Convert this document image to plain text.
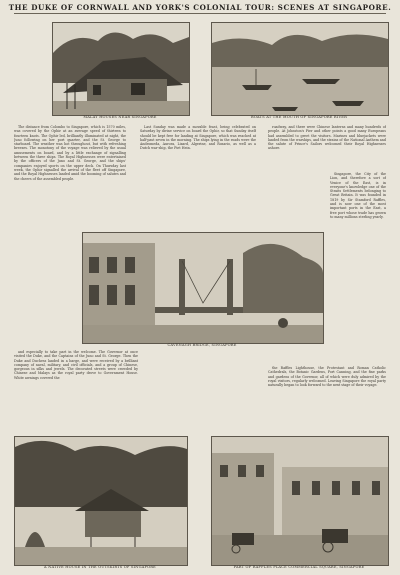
THE DUKE OF CORNWALL AND YORK'S COLONIAL TOUR: SCENES AT SINGAPORE.
MALAY HOUSES NEAR SINGAPORE	BOATS AT THE MOUTH OF SINGAPORE RIVER

The distance from Colombo to Singapore, which is 1570 miles, was covered by the Ophir at an average speed of thirteen to fourteen knots. The Ophir led, brilliantly illuminated at night, the Juno following on her port quarter, and the St. George to starboard. The weather was hot throughout, but with refreshing breezes. The monotony of the voyage was relieved by the usual amusements on board, and by a little exchange of signalling between the three ships. The Royal Highnesses were entertained by the officers of the Juno and St. George, and the ships' companies enjoyed sports on the upper deck. On Thursday last week, the Ophir signalled the arrival of the fleet off Singapore, and the Royal Highnesses landed amid the booming of salutes and the cheers of the assembled people.

Last Sunday was made a movable feast, being celebrated on Saturday by divine service on board the Ophir, so that Sunday itself should be kept free for landing at Singapore, which was reached at half-past seven in the morning. The ships lying in the roads were the Andromeda, Aurora, Lizard, Algerine, and Rosario, as well as a Dutch war-ship, the Piet Hein.

roadway, and there were Chinese lanterns and many hundreds of people. At Johnston's Pier and other points a good many Europeans had assembled to greet the visitors. Marines and bluejackets were landed from the warships, and the strains of the National Anthem and the salute of Prince's Sailors welcomed their Royal Highnesses ashore.

Singapore, the City of the Lion, and therefore a sort of Venice of the East, is in everyone's knowledge one of the Straits Settlements belonging to Great Britain. It was founded in 1819 by Sir Stamford Raffles, and is now one of the most important ports in the East, a free port whose trade has grown to many millions sterling yearly.

CAVENAGH BRIDGE, SINGAPORE

and especially to take part in the welcome. The Governor at once visited the Duke, and the Captains of the Juno and St. George. Then the Duke and Duchess landed in a barge, and were received by a brilliant company of naval, military, and civil officials, and a group of Chinese, gorgeous in silks and jewels. The decorated streets were crowded by Chinese and Malays as the royal party drove to Government House. White awnings covered the

the Raffles Lighthouse, the Protestant and Roman Catholic Cathedrals, the Botanic Gardens, Fort Canning, and the fine parks and gardens of the Governor, all of which were duly admired by the royal visitors, regularly welcomed. Leaving Singapore the royal party naturally began to look forward to the next stage of their voyage.

A NATIVE HOUSE IN THE OUTSKIRTS OF SINGAPORE	PART OF RAFFLES PLACE COMMERCIAL SQUARE, SINGAPORE
